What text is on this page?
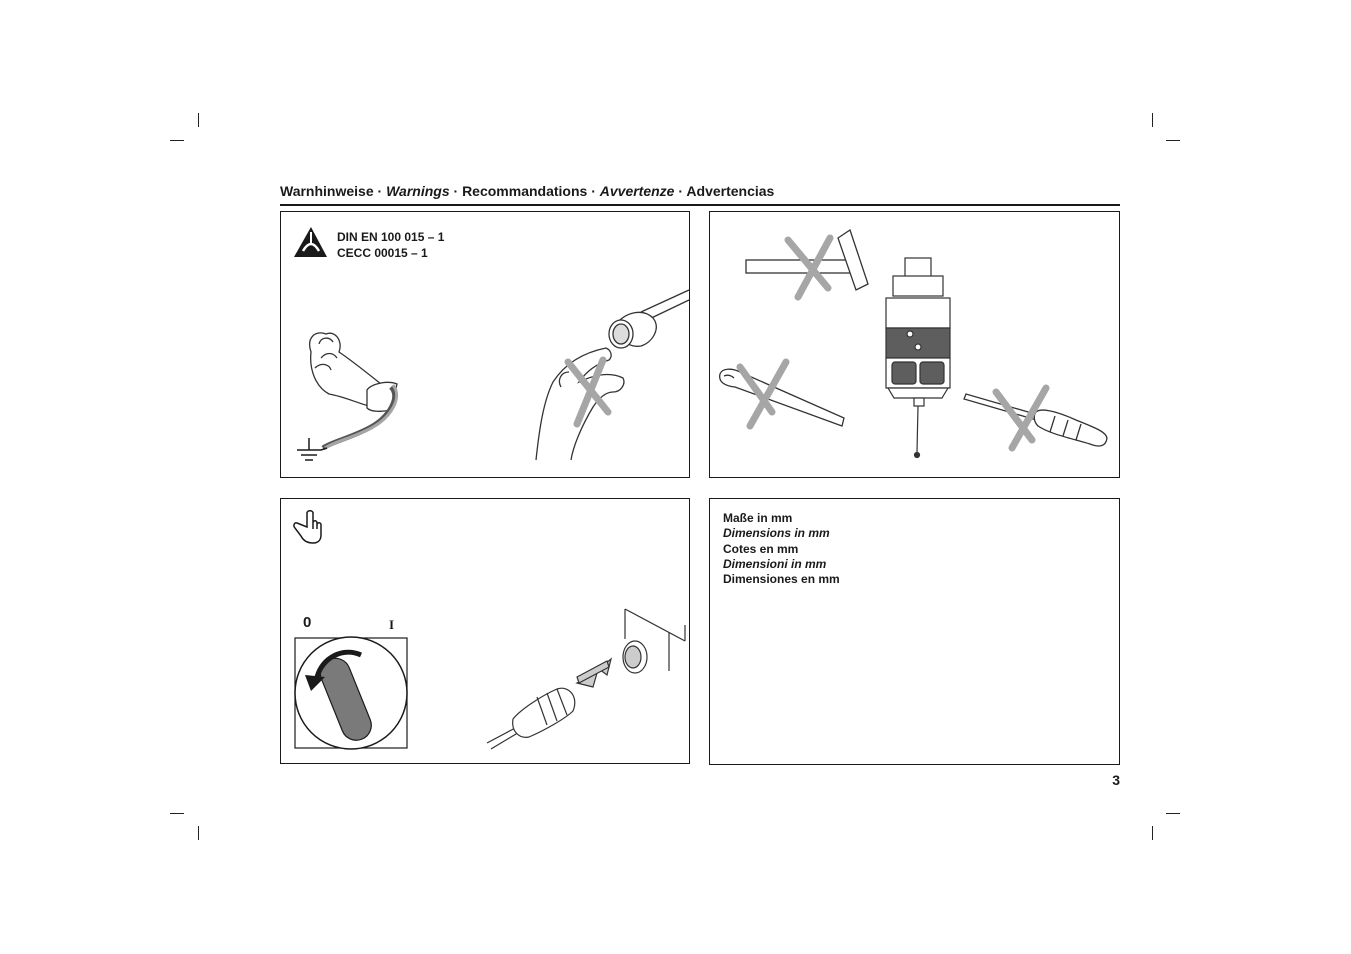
Warnhinweise · Warnings · Recommandations · Avvertenze · Advertencias
DIN EN 100 015 – 1
CECC 00015 – 1
0	I
Maße in mm
Dimensions in mm
Cotes en mm
Dimensioni in mm
Dimensiones en mm
3
